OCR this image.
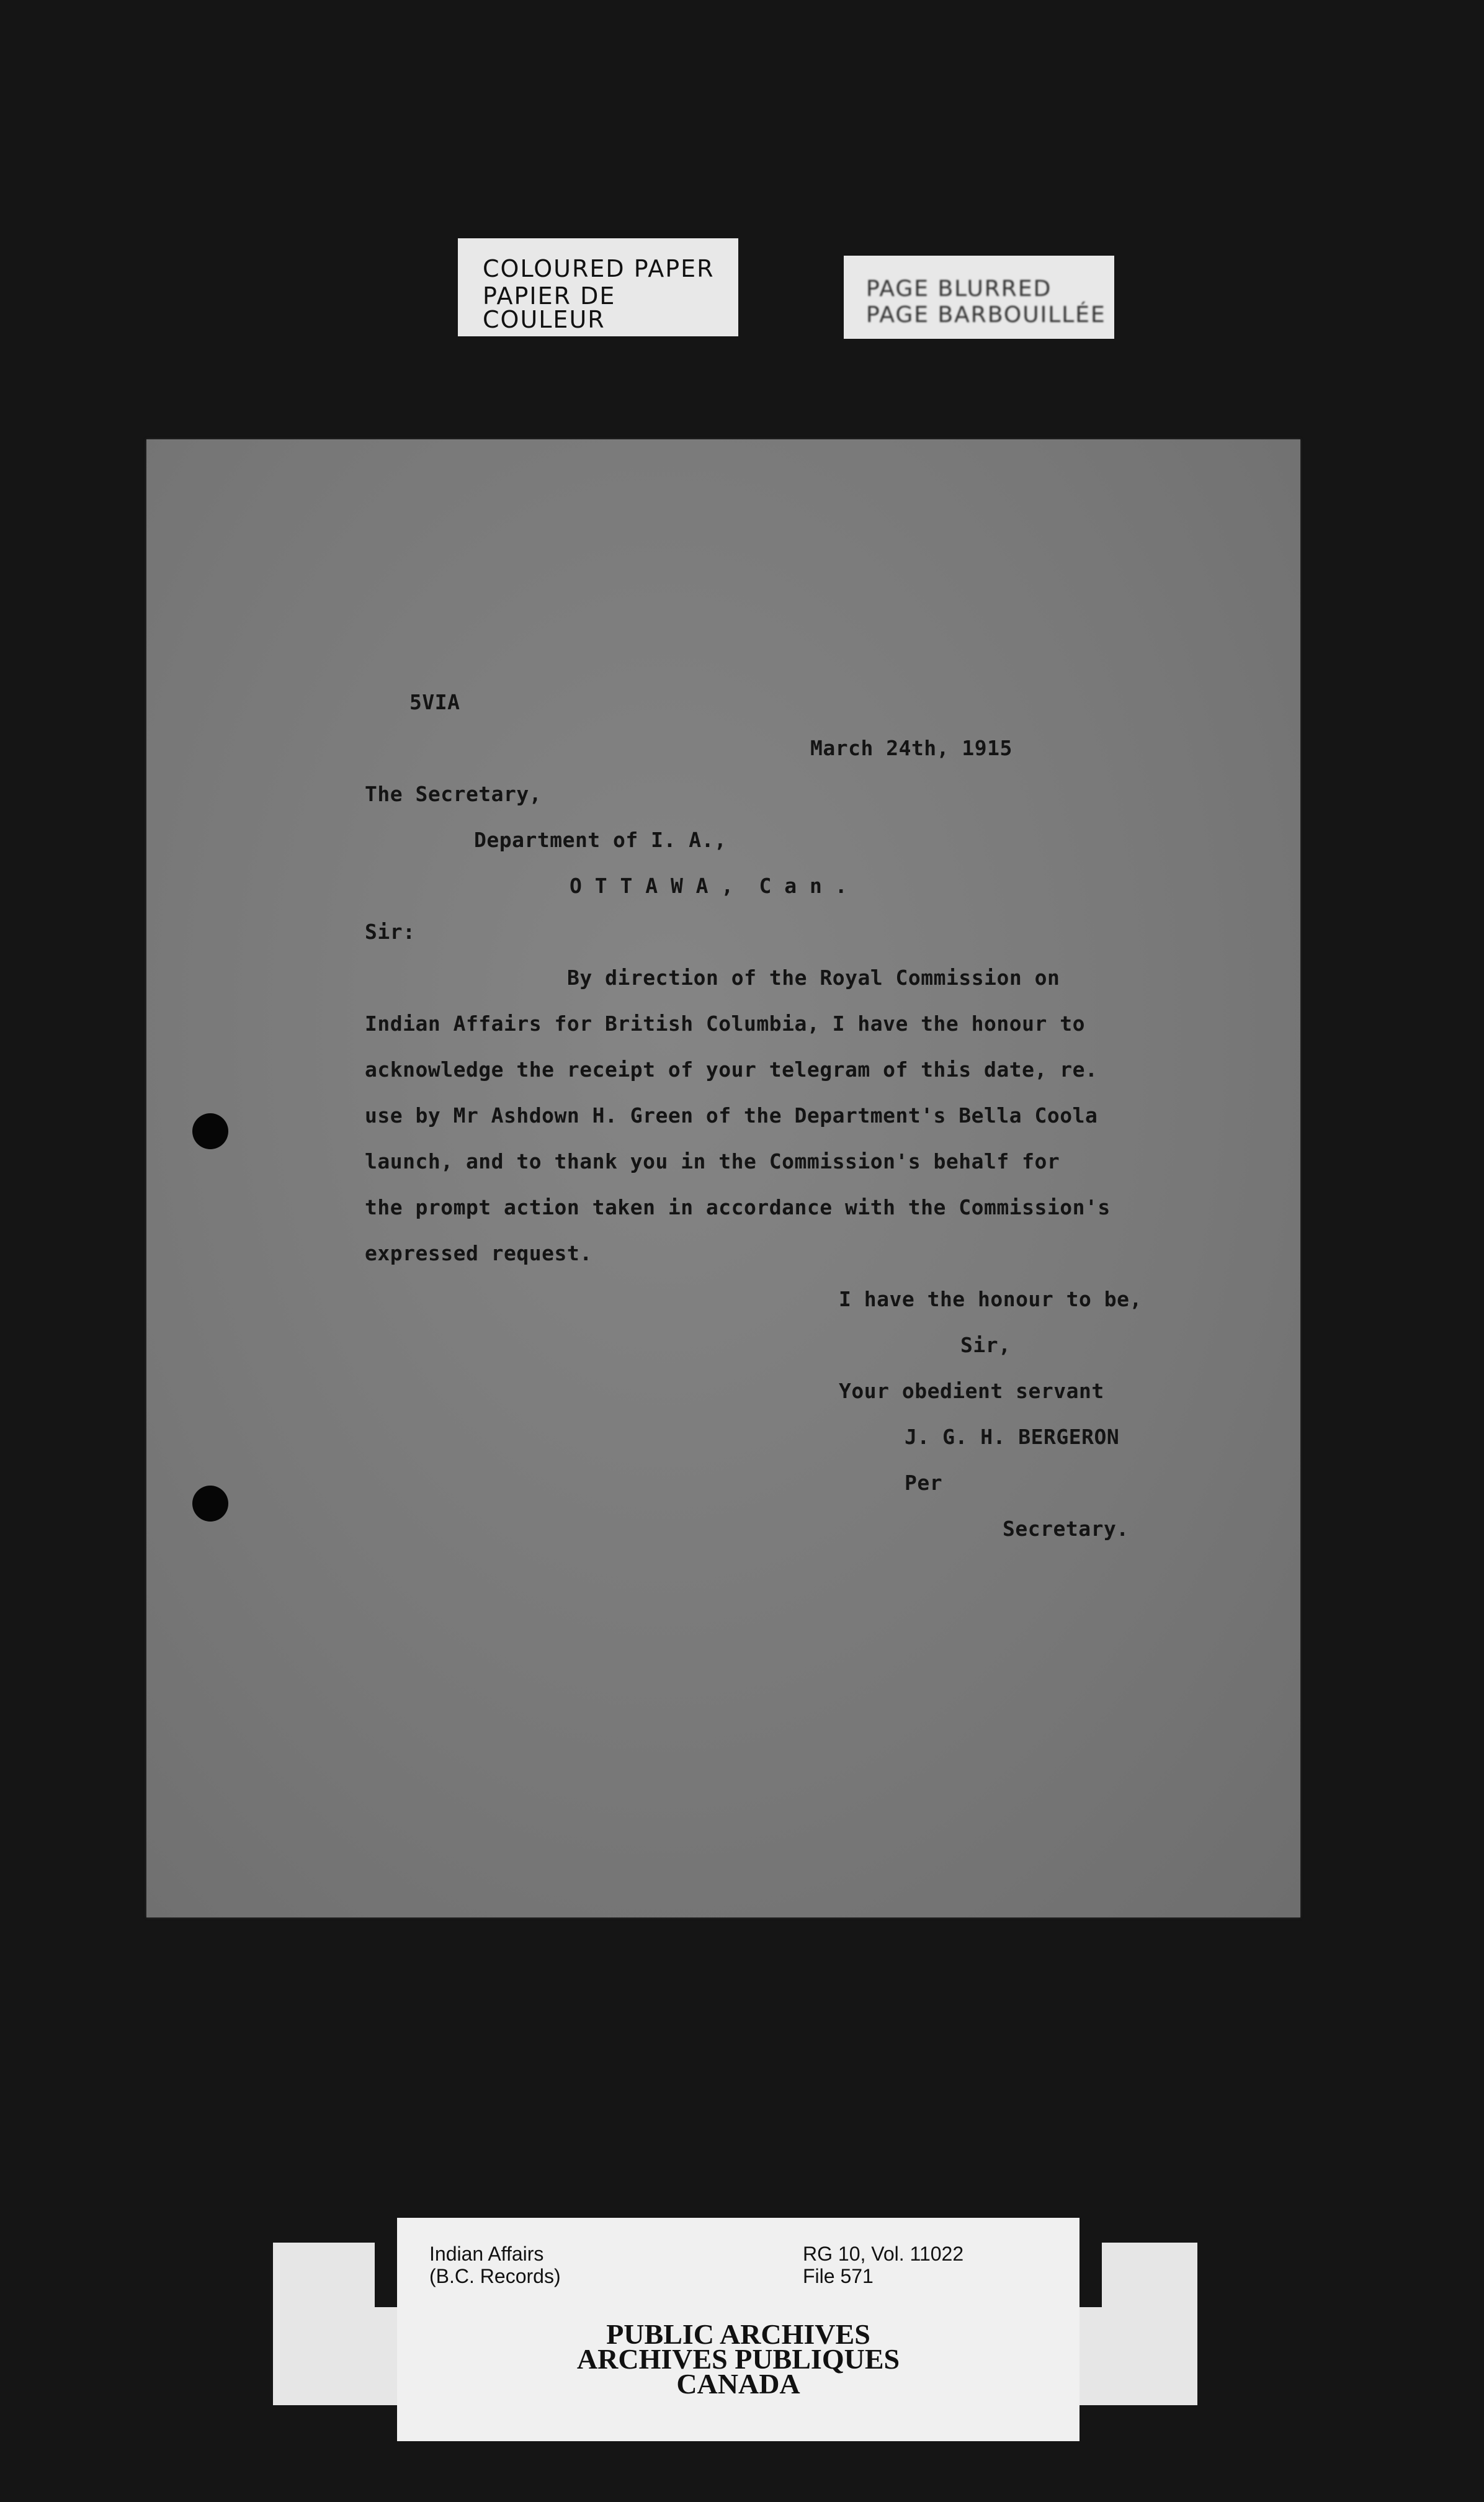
COLOURED PAPER
PAPIER DE COULEUR
PAGE BLURRED
PAGE BARBOUILLÉE
5VIA
March 24th, 1915
The Secretary,
Department of I. A.,
O T T A W A ,  C a n .
Sir:
By direction of the Royal Commission on
Indian Affairs for British Columbia, I have the honour to
acknowledge the receipt of your telegram of this date, re.
use by Mr Ashdown H. Green of the Department's Bella Coola
launch, and to thank you in the Commission's behalf for
the prompt action taken in accordance with the Commission's
expressed request.
I have the honour to be,
Sir,
Your obedient servant
J. G. H. BERGERON
Per
Secretary.
Indian Affairs
(B.C. Records)
RG 10, Vol. 11022
File 571
PUBLIC ARCHIVES
ARCHIVES PUBLIQUES
CANADA
